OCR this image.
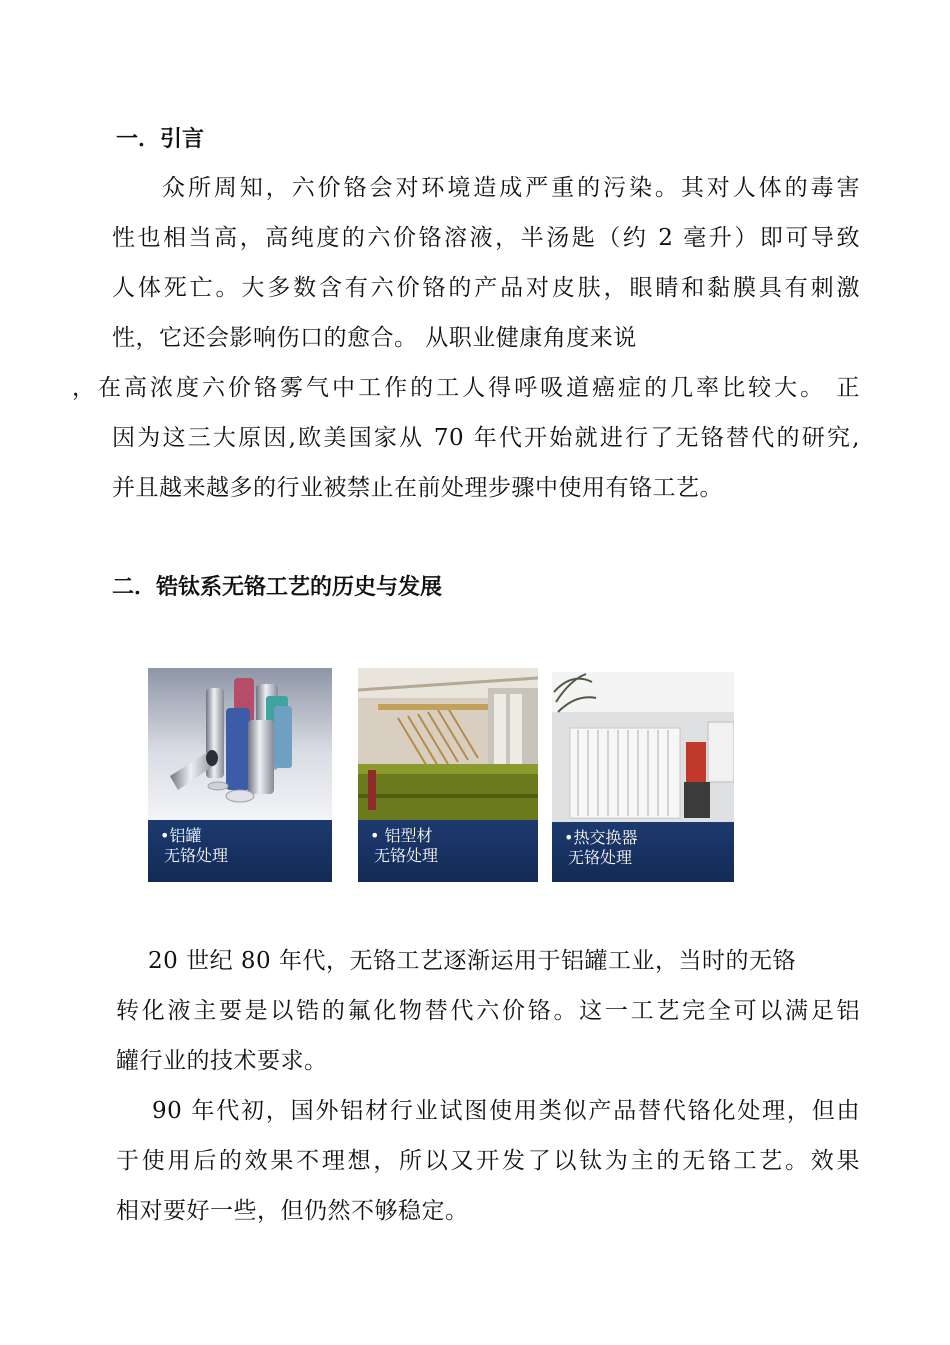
一．引言
众所周知，六价铬会对环境造成严重的污染。其对人体的毒害
性也相当高，高纯度的六价铬溶液，半汤匙（约 2 毫升）即可导致
人体死亡。大多数含有六价铬的产品对皮肤，眼睛和黏膜具有刺激
性，它还会影响伤口的愈合。 从职业健康角度来说
，在高浓度六价铬雾气中工作的工人得呼吸道癌症的几率比较大。 正
因为这三大原因,欧美国家从 70 年代开始就进行了无铬替代的研究,
并且越来越多的行业被禁止在前处理步骤中使用有铬工艺。
二．锆钛系无铬工艺的历史与发展
•铝罐
无铬处理
• 铝型材
无铬处理
•热交换器
无铬处理
20 世纪 80 年代，无铬工艺逐渐运用于铝罐工业，当时的无铬
转化液主要是以锆的氟化物替代六价铬。这一工艺完全可以满足铝
罐行业的技术要求。
90 年代初，国外铝材行业试图使用类似产品替代铬化处理，但由
于使用后的效果不理想，所以又开发了以钛为主的无铬工艺。效果
相对要好一些，但仍然不够稳定。
